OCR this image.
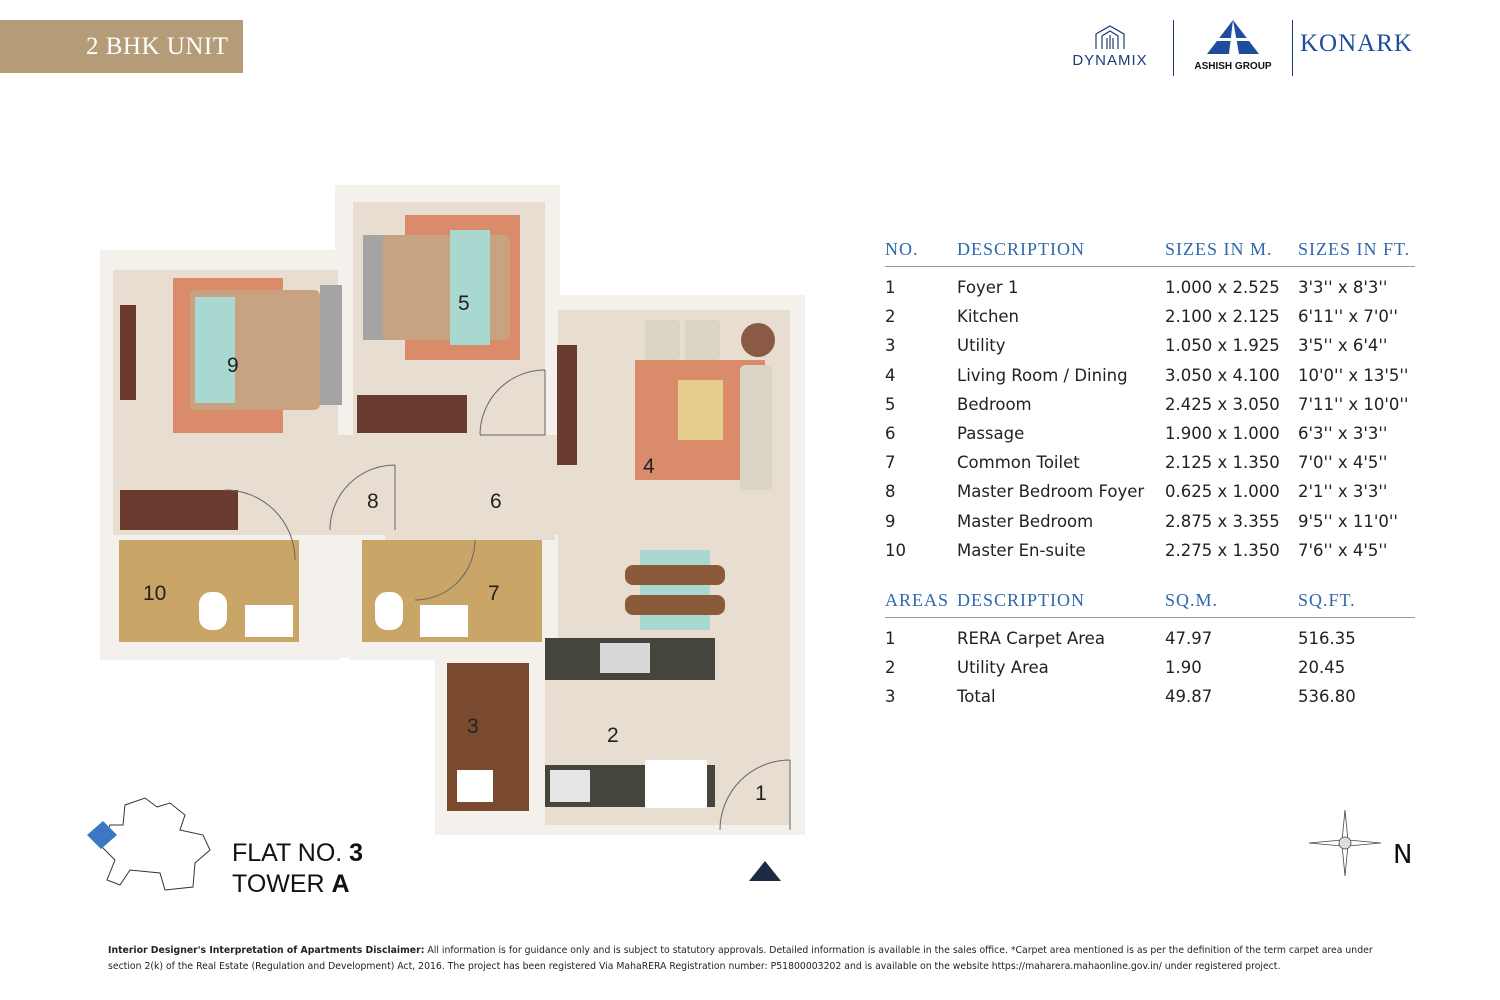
2 BHK UNIT
DYNAMIX	ASHISH GROUP
KONARK
1
2
3
4
5
6
7
8
9
10
NO.	DESCRIPTION	SIZES IN M.	SIZES IN FT.
1	Foyer 1	1.000 x 2.525	3'3'' x 8'3''
2	Kitchen	2.100 x 2.125	6'11'' x 7'0''
3	Utility	1.050 x 1.925	3'5'' x 6'4''
4	Living Room / Dining	3.050 x 4.100	10'0'' x 13'5''
5	Bedroom	2.425 x 3.050	7'11'' x 10'0''
6	Passage	1.900 x 1.000	6'3'' x 3'3''
7	Common Toilet	2.125 x 1.350	7'0'' x 4'5''
8	Master Bedroom Foyer	0.625 x 1.000	2'1'' x 3'3''
9	Master Bedroom	2.875 x 3.355	9'5'' x 11'0''
10	Master En-suite	2.275 x 1.350	7'6'' x 4'5''
AREAS DESCRIPTION	SQ.M.	SQ.FT.
1	RERA Carpet Area	47.97	516.35
2	Utility Area	1.90	20.45
3	Total	49.87	536.80
FLAT NO. 3
TOWER A
N
Interior Designer's Interpretation of Apartments Disclaimer: All information is for guidance only and is subject to statutory approvals. Detailed information is available in the sales office. *Carpet area mentioned is as per the definition of the term carpet area under section 2(k) of the Real Estate (Regulation and Development) Act, 2016. The project has been registered Via MahaRERA Registration number: P51800003202 and is available on the website https://maharera.mahaonline.gov.in/ under registered project.
